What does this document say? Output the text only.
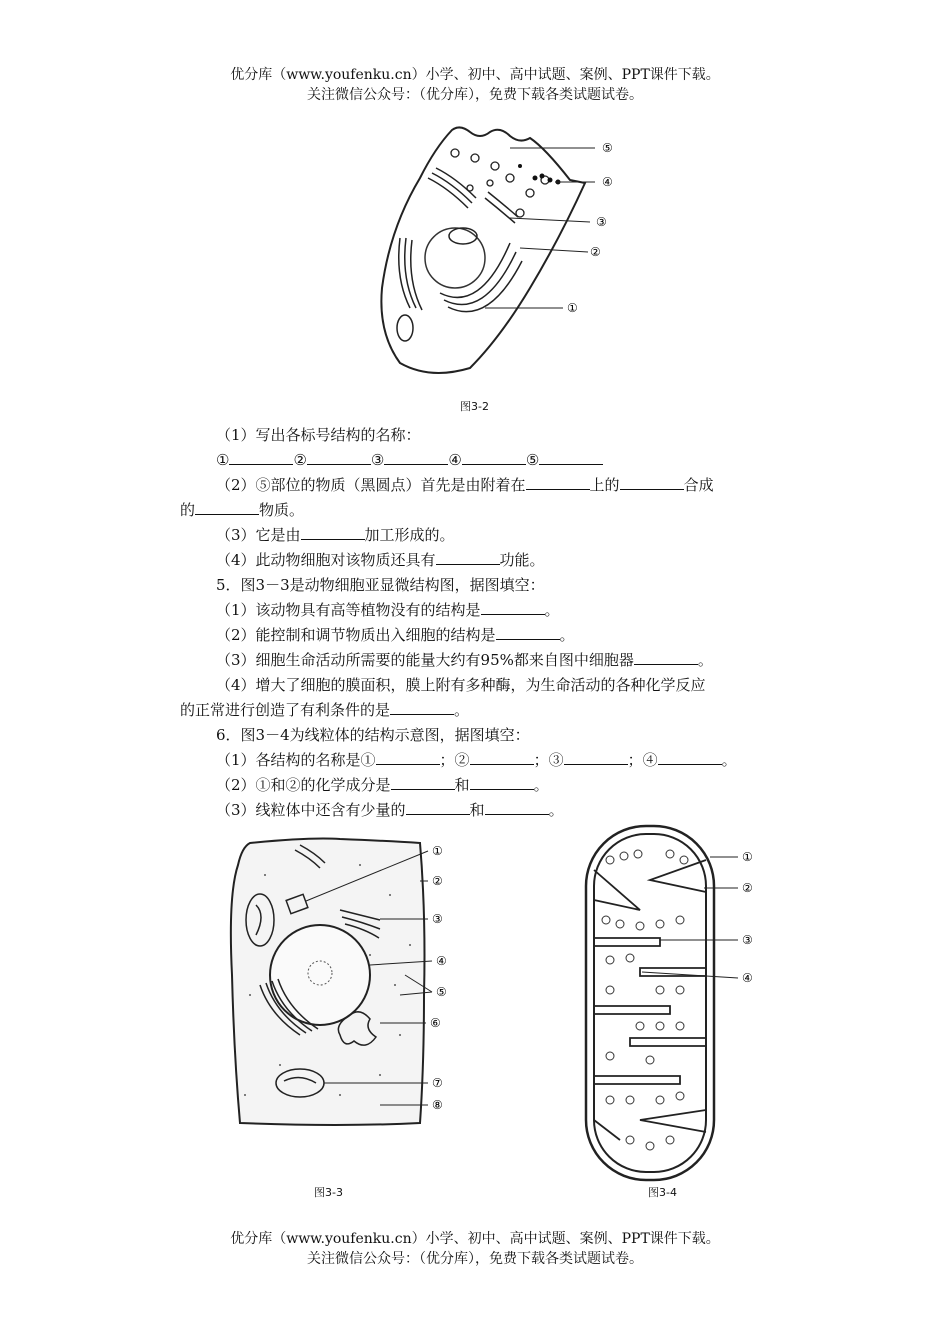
优分库（www.youfenku.cn）小学、初中、高中试题、案例、PPT课件下载。
关注微信公众号：（优分库），免费下载各类试题试卷。
⑤
④
③
②
①
图3-2
（1）写出各标号结构的名称：
①	②	③	④	⑤
（2）⑤部位的物质（黑圆点）首先是由附着在	上的	合成
的	物质。
（3）它是由	加工形成的。
（4）此动物细胞对该物质还具有	功能。
5．图3－3是动物细胞亚显微结构图，据图填空：
（1）该动物具有高等植物没有的结构是	。
（2）能控制和调节物质出入细胞的结构是	。
（3）细胞生命活动所需要的能量大约有95%都来自图中细胞器	。
（4）增大了细胞的膜面积，膜上附有多种酶，为生命活动的各种化学反应
的正常进行创造了有利条件的是	。
6．图3－4为线粒体的结构示意图，据图填空：
（1）各结构的名称是①	；②	；③	；④	。
（2）①和②的化学成分是	和	。
（3）线粒体中还含有少量的	和	。
①
②
③
④
⑤
⑥
⑦
⑧
图3-3
①
②
③
④
图3-4
优分库（www.youfenku.cn）小学、初中、高中试题、案例、PPT课件下载。
关注微信公众号：（优分库），免费下载各类试题试卷。
